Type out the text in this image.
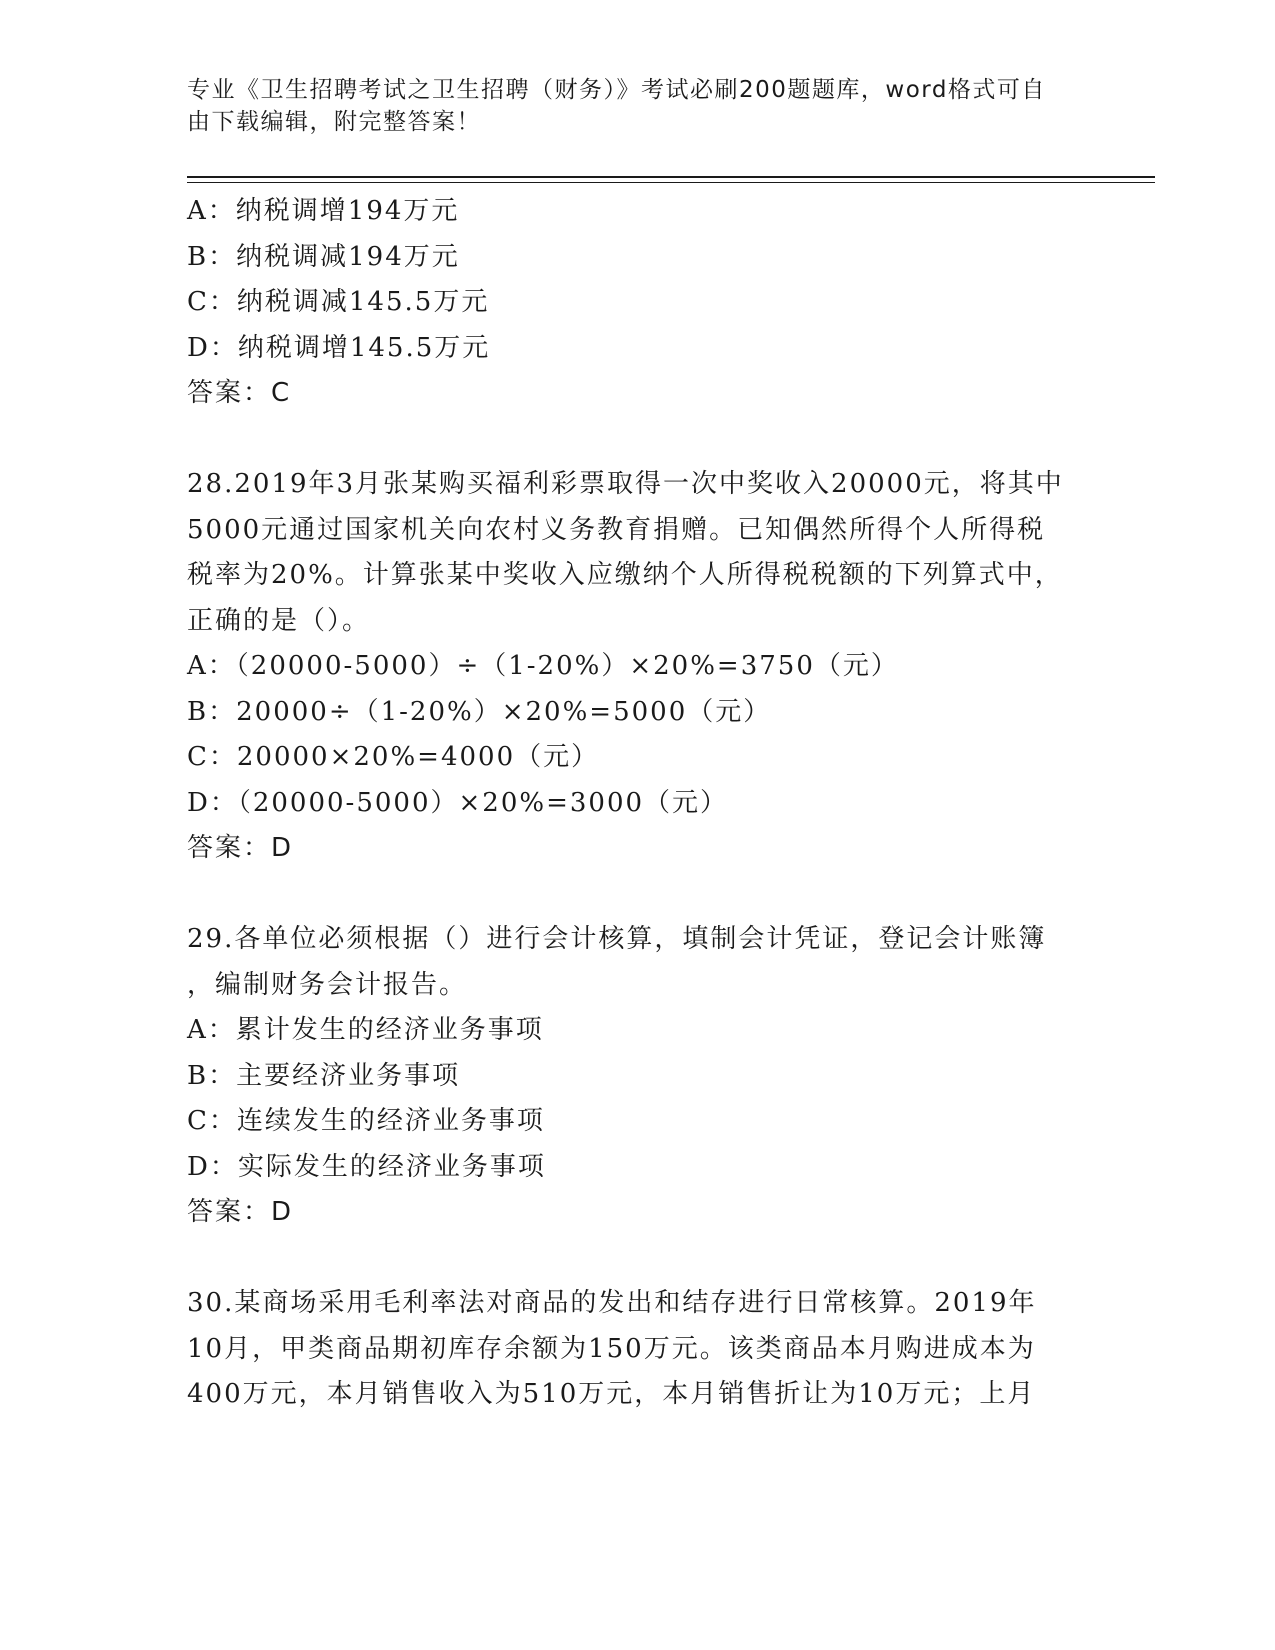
专业《卫生招聘考试之卫生招聘（财务）》考试必刷200题题库，word格式可自
由下载编辑，附完整答案！
A：纳税调增194万元
B：纳税调减194万元
C：纳税调减145.5万元
D：纳税调增145.5万元
答案：C
28.2019年3月张某购买福利彩票取得一次中奖收入20000元，将其中
5000元通过国家机关向农村义务教育捐赠。已知偶然所得个人所得税
税率为20%。计算张某中奖收入应缴纳个人所得税税额的下列算式中，
正确的是（）。
A：（20000-5000）÷（1-20%）×20%=3750（元）
B：20000÷（1-20%）×20%=5000（元）
C：20000×20%=4000（元）
D：（20000-5000）×20%=3000（元）
答案：D
29.各单位必须根据（）进行会计核算，填制会计凭证，登记会计账簿
，编制财务会计报告。
A：累计发生的经济业务事项
B：主要经济业务事项
C：连续发生的经济业务事项
D：实际发生的经济业务事项
答案：D
30.某商场采用毛利率法对商品的发出和结存进行日常核算。2019年
10月，甲类商品期初库存余额为150万元。该类商品本月购进成本为
400万元，本月销售收入为510万元，本月销售折让为10万元；上月
